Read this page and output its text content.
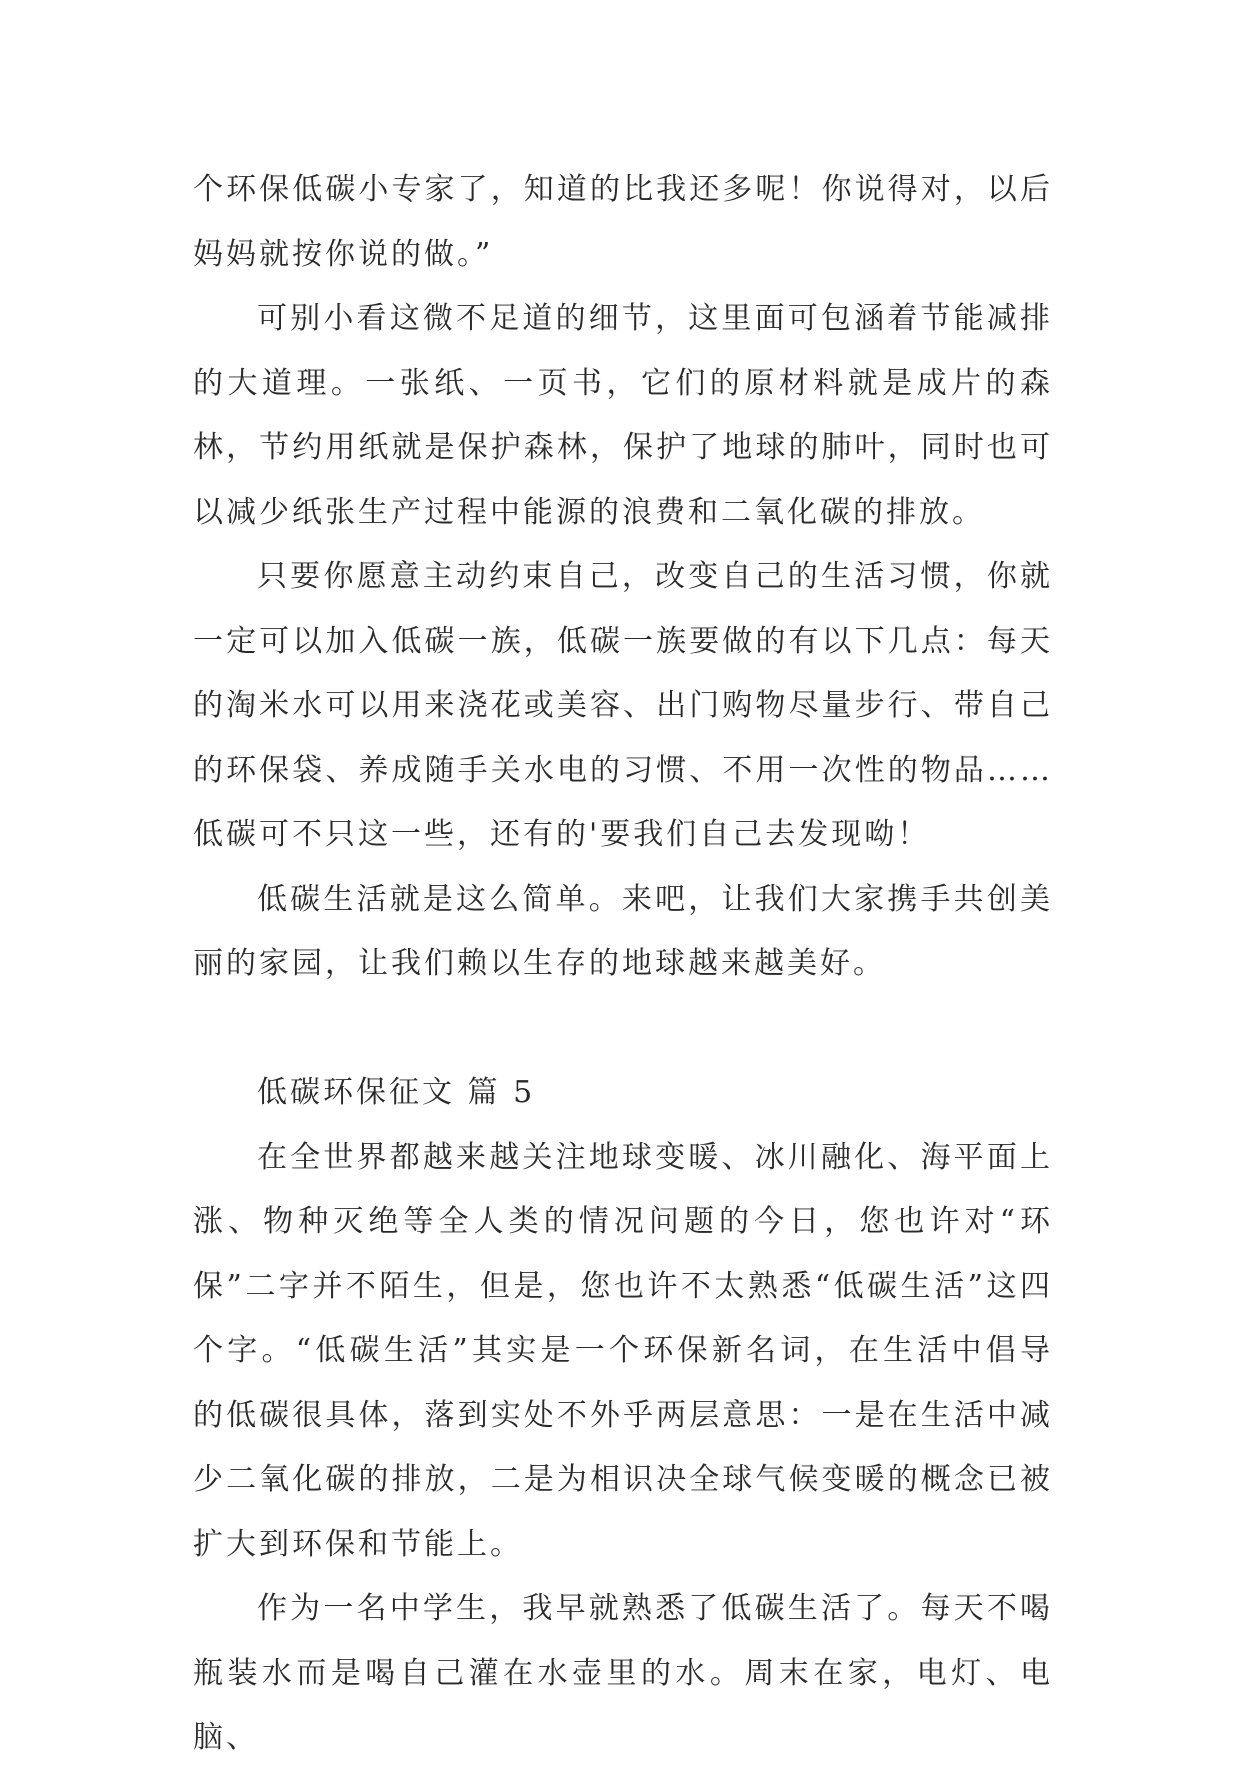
个环保低碳小专家了，知道的比我还多呢！你说得对，以后妈妈就按你说的做。”

可别小看这微不足道的细节，这里面可包涵着节能减排的大道理。一张纸、一页书，它们的原材料就是成片的森林，节约用纸就是保护森林，保护了地球的肺叶，同时也可以减少纸张生产过程中能源的浪费和二氧化碳的排放。

只要你愿意主动约束自己，改变自己的生活习惯，你就一定可以加入低碳一族，低碳一族要做的有以下几点：每天的淘米水可以用来浇花或美容、出门购物尽量步行、带自己的环保袋、养成随手关水电的习惯、不用一次性的物品……低碳可不只这一些，还有的'要我们自己去发现呦！

低碳生活就是这么简单。来吧，让我们大家携手共创美丽的家园，让我们赖以生存的地球越来越美好。

低碳环保征文 篇 5

在全世界都越来越关注地球变暖、冰川融化、海平面上涨、物种灭绝等全人类的情况问题的今日，您也许对“环保”二字并不陌生，但是，您也许不太熟悉“低碳生活”这四个字。“低碳生活”其实是一个环保新名词，在生活中倡导的低碳很具体，落到实处不外乎两层意思：一是在生活中减少二氧化碳的排放，二是为相识决全球气候变暖的概念已被扩大到环保和节能上。

作为一名中学生，我早就熟悉了低碳生活了。每天不喝瓶装水而是喝自己灌在水壶里的水。周末在家，电灯、电脑、
